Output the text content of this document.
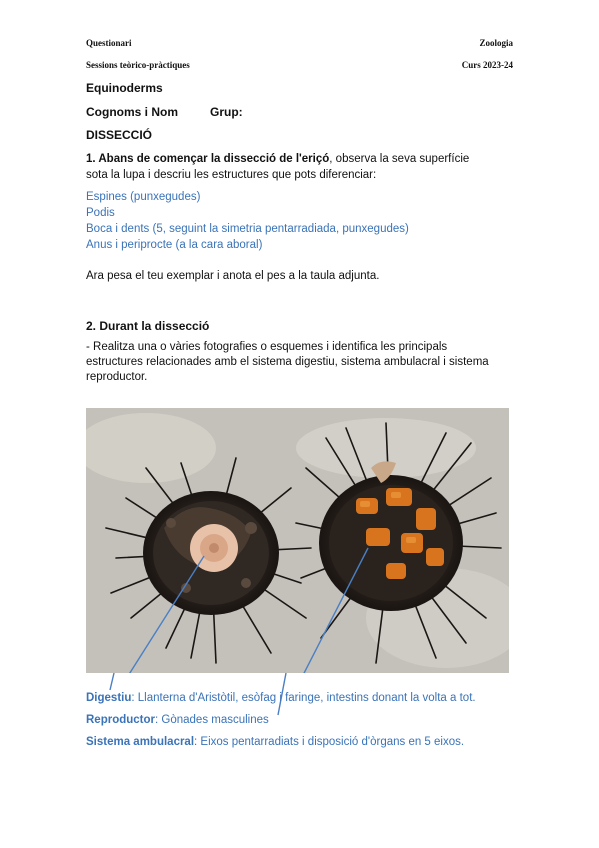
Questionari	Zoologia
Sessions teòrico-pràctiques	Curs 2023-24
Equinoderms
Cognoms i Nom	Grup:
DISSECCIÓ
1. Abans de començar la dissecció de l'eriçó, observa la seva superfície
sota la lupa i descriu les estructures que pots diferenciar:
Espines (punxegudes)
Podis
Boca i dents (5, seguint la simetria pentarradiada, punxegudes)
Anus i periprocte (a la cara aboral)
Ara pesa el teu exemplar i anota el pes a la taula adjunta.
2. Durant la dissecció
- Realitza una o vàries fotografies o esquemes i identifica les principals
estructures relacionades amb el sistema digestiu, sistema ambulacral i sistema
reproductor.
Digestiu: Llanterna d'Aristòtil, esòfag i faringe, intestins donant la volta a tot.
Reproductor: Gònades masculines
Sistema ambulacral: Eixos pentarradiats i disposició d'òrgans en 5 eixos.
